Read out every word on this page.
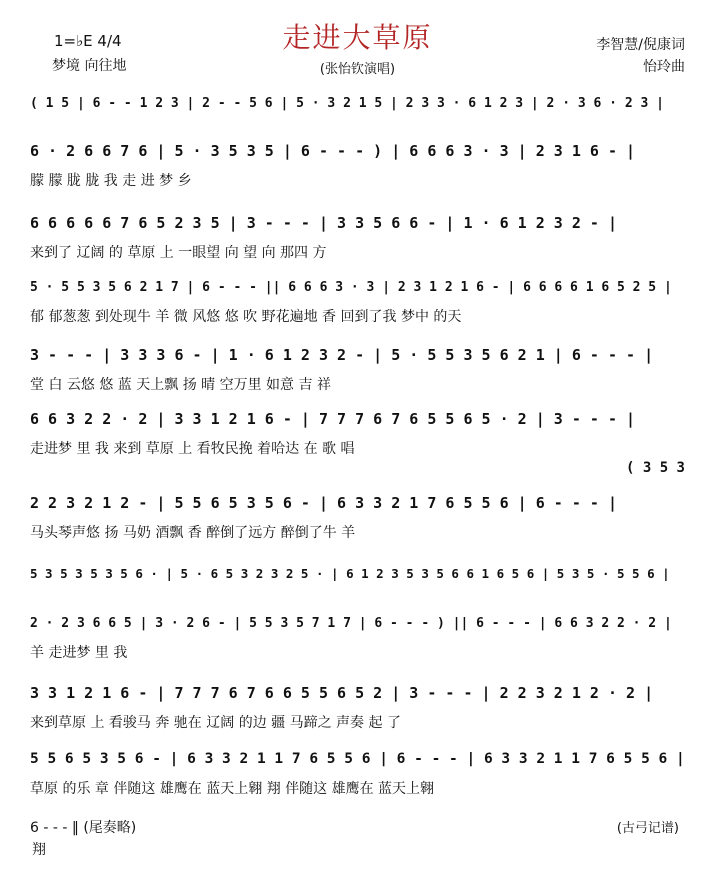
走进大草原
1=♭E 4/4
梦境 向往地	(张怡钦演唱)
李智慧/倪康词
怡玲曲
( 1 5 | 6 - - 1 2 3 | 2 - - 5 6 | 5 · 3 2 1 5 | 2 3 3 · 6 1 2 3 | 2 · 3 6 · 2 3 |
6 · 2 6 6 7 6 | 5 · 3 5 3 5 | 6 - - - ) | 6 6 6 3 · 3 | 2 3 1 6 - |
朦 朦 胧 胧 我 走 进 梦 乡
6 6 6 6 6 7 6 5 2 3 5 | 3 - - - | 3 3 5 6 6 - | 1 · 6 1 2 3 2 - |
来到了 辽阔 的 草原 上 一眼望 向 望 向 那四 方
5 · 5 5 3 5 6 2 1 7 | 6 - - - || 6 6 6 3 · 3 | 2 3 1 2 1 6 - | 6 6 6 6 1 6 5 2 5 |
郁 郁葱葱 到处现牛 羊 微 风悠 悠 吹 野花遍地 香 回到了我 梦中 的天
3 - - - | 3 3 3 6 - | 1 · 6 1 2 3 2 - | 5 · 5 5 3 5 6 2 1 | 6 - - - |
堂 白 云悠 悠 蓝 天上飘 扬 晴 空万里 如意 吉 祥
6 6 3 2 2 · 2 | 3 3 1 2 1 6 - | 7 7 7 6 7 6 5 5 6 5 · 2 | 3 - - - |
走进梦 里 我 来到 草原 上 看牧民挽 着哈达 在 歌 唱
2 2 3 2 1 2 - | 5 5 6 5 3 5 6 - | 6 3 3 2 1 7 6 5 5 6 | 6 - - - |
马头琴声悠 扬 马奶 酒飘 香 醉倒了远方 醉倒了牛 羊
5 3 5 3 5 3 5 6 · | 5 · 6 5 3 2 3 2 5 · | 6 1 2 3 5 3 5 6 6 1 6 5 6 | 5 3 5 · 5 5 6 |
2 · 2 3 6 6 5 | 3 · 2 6 - | 5 5 3 5 7 1 7 | 6 - - - ) || 6 - - - | 6 6 3 2 2 · 2 |
羊 走进梦 里 我
3 3 1 2 1 6 - | 7 7 7 6 7 6 6 5 5 6 5 2 | 3 - - - | 2 2 3 2 1 2 · 2 |
来到草原 上 看骏马 奔 驰在 辽阔 的边 疆 马蹄之 声奏 起 了
5 5 6 5 3 5 6 - | 6 3 3 2 1 1 7 6 5 5 6 | 6 - - - | 6 3 3 2 1 1 7 6 5 5 6 |
草原 的乐 章 伴随这 雄鹰在 蓝天上翱 翔 伴随这 雄鹰在 蓝天上翱
( 3 5 3
6 - - - ‖ (尾奏略)
翔
(古弓记谱)
